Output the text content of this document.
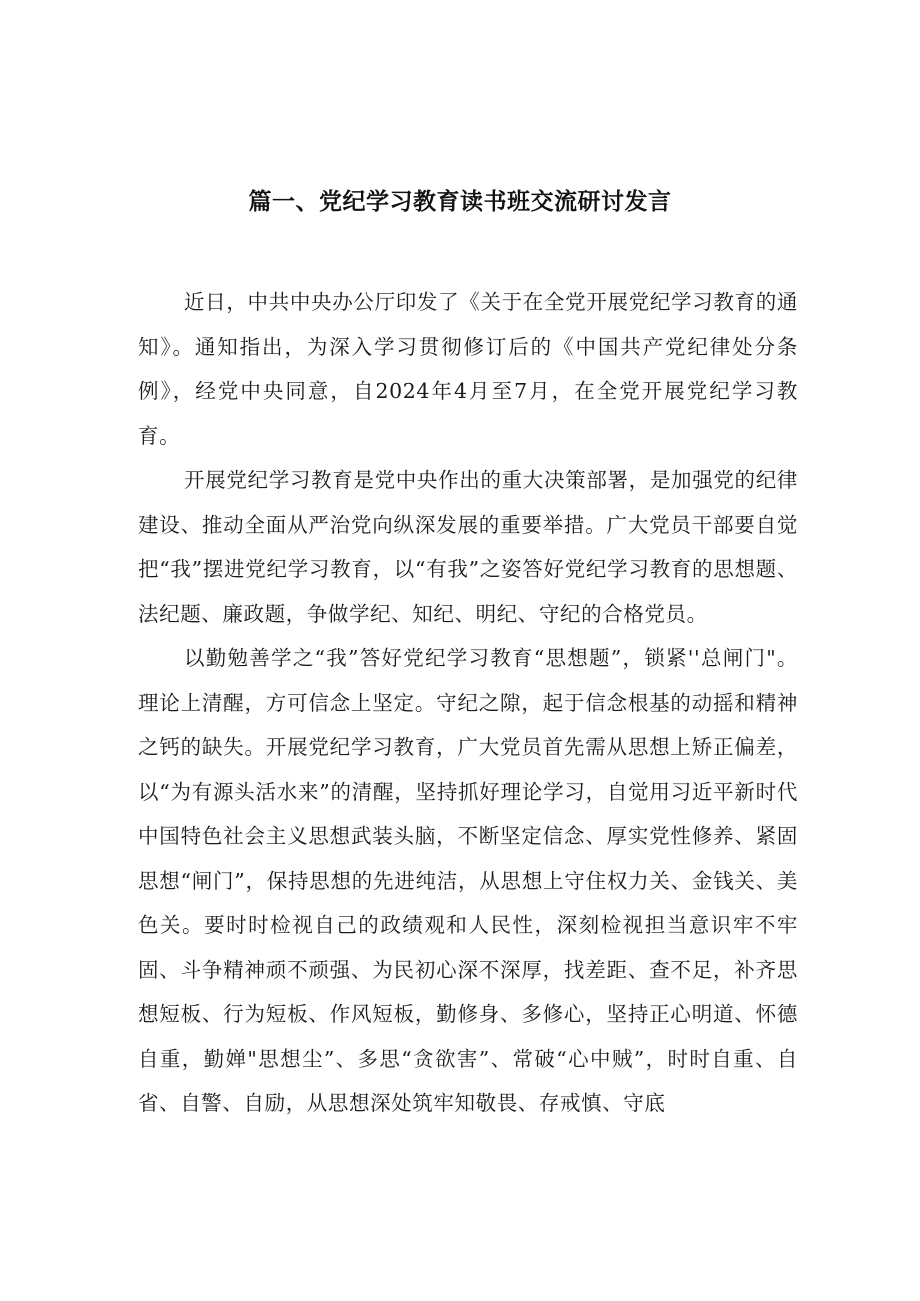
篇一、党纪学习教育读书班交流研讨发言

近日，中共中央办公厅印发了《关于在全党开展党纪学习教育的通知》。通知指出，为深入学习贯彻修订后的《中国共产党纪律处分条例》，经党中央同意，自2024年4月至7月，在全党开展党纪学习教育。

开展党纪学习教育是党中央作出的重大决策部署，是加强党的纪律建设、推动全面从严治党向纵深发展的重要举措。广大党员干部要自觉把“我”摆进党纪学习教育，以“有我”之姿答好党纪学习教育的思想题、法纪题、廉政题，争做学纪、知纪、明纪、守纪的合格党员。

以勤勉善学之“我”答好党纪学习教育“思想题”，锁紧''总闸门"。理论上清醒，方可信念上坚定。守纪之隙，起于信念根基的动摇和精神之钙的缺失。开展党纪学习教育，广大党员首先需从思想上矫正偏差，以“为有源头活水来”的清醒，坚持抓好理论学习，自觉用习近平新时代中国特色社会主义思想武装头脑，不断坚定信念、厚实党性修养、紧固思想“闸门”，保持思想的先进纯洁，从思想上守住权力关、金钱关、美色关。要时时检视自己的政绩观和人民性，深刻检视担当意识牢不牢固、斗争精神顽不顽强、为民初心深不深厚，找差距、查不足，补齐思想短板、行为短板、作风短板，勤修身、多修心，坚持正心明道、怀德自重，勤婵"思想尘”、多思“贪欲害”、常破“心中贼”，时时自重、自省、自警、自励，从思想深处筑牢知敬畏、存戒慎、守底
